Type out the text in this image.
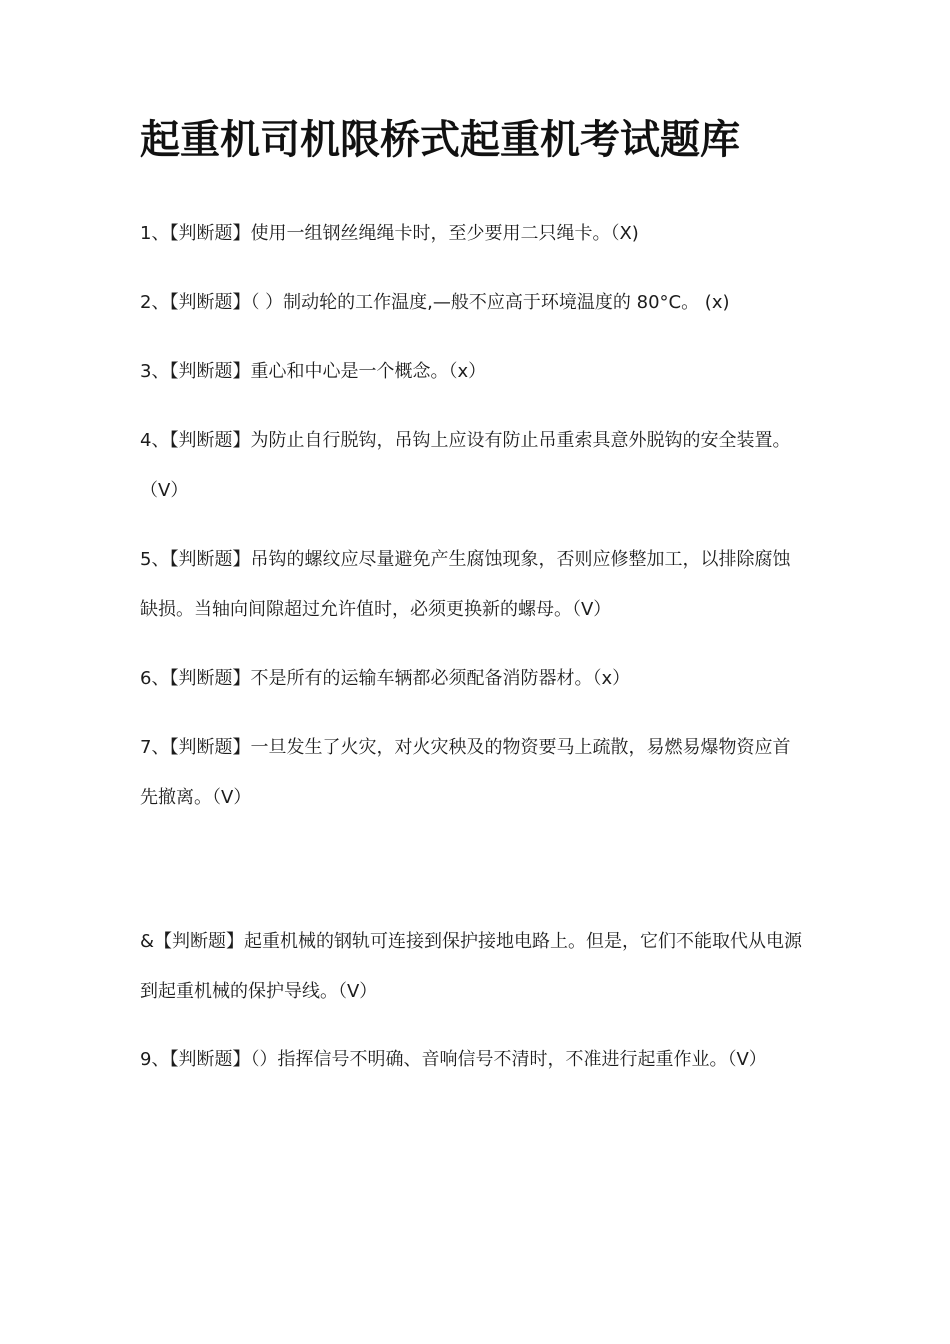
起重机司机限桥式起重机考试题库

1、【判断题】使用一组钢丝绳绳卡时，至少要用二只绳卡。（X)

2、【判断题】（ ）制动轮的工作温度,—般不应高于环境温度的 80°C。 (x)

3、【判断题】重心和中心是一个概念。（x）

4、【判断题】为防止自行脱钩，吊钩上应设有防止吊重索具意外脱钩的安全装置。（V）

5、【判断题】吊钩的螺纹应尽量避免产生腐蚀现象，否则应修整加工，以排除腐蚀缺损。当轴向间隙超过允许值时，必须更换新的螺母。（V）

6、【判断题】不是所有的运输车辆都必须配备消防器材。（x）

7、【判断题】一旦发生了火灾，对火灾秧及的物资要马上疏散，易燃易爆物资应首先撤离。（V）

&【判断题】起重机械的钢轨可连接到保护接地电路上。但是，它们不能取代从电源到起重机械的保护导线。（V）

9、【判断题】（）指挥信号不明确、音响信号不清时，不准进行起重作业。（V）
